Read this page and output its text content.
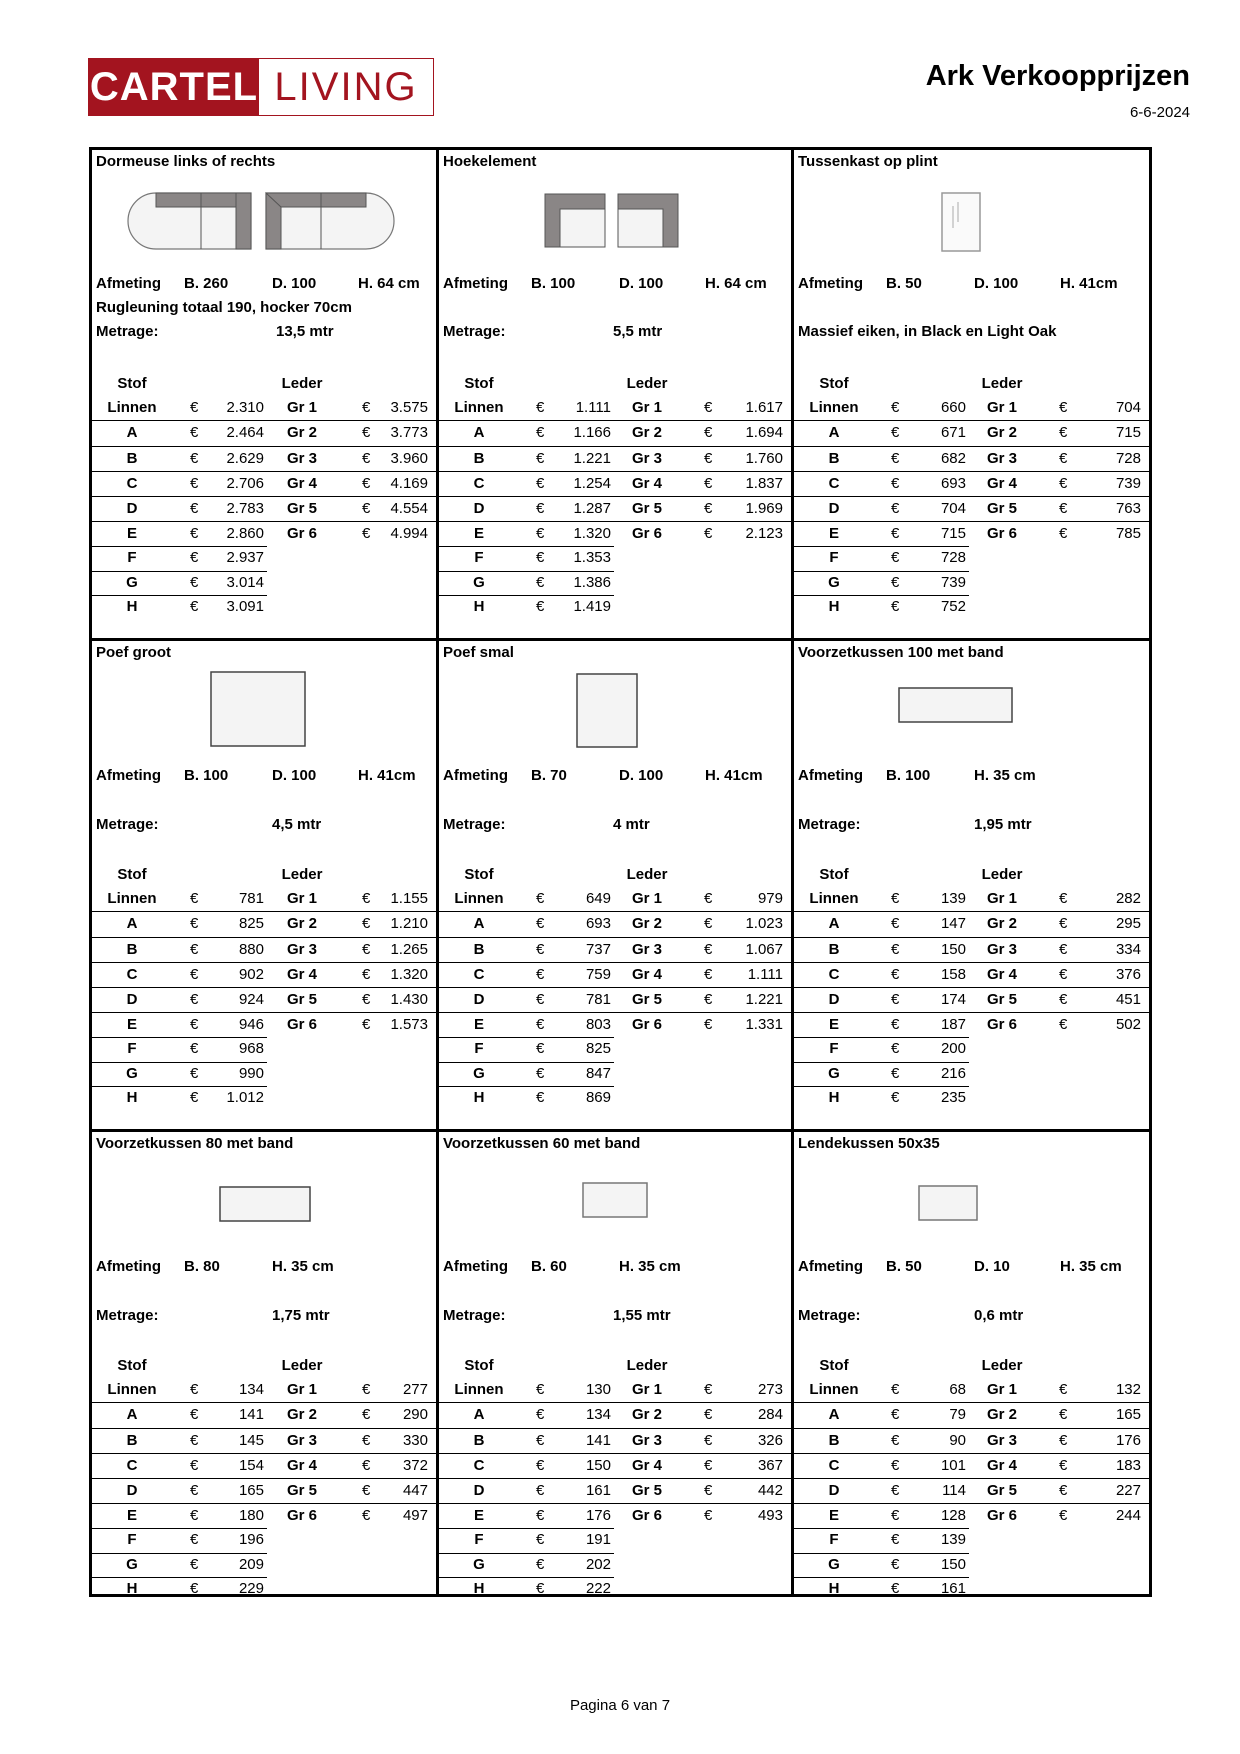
CARTEL LIVING	Ark Verkoopprijzen
6-6-2024
Dormeuse links of rechts
Afmeting B. 260	D. 100	H. 64 cm
Rugleuning totaal 190, hocker 70cm
Metrage:	13,5 mtr
Stof	Leder
Linnen	€ 2.310	Gr 1	€ 3.575
A	€ 2.464	Gr 2	€ 3.773
B	€ 2.629	Gr 3	€ 3.960
C	€ 2.706	Gr 4	€ 4.169
D	€ 2.783	Gr 5	€ 4.554
E	€ 2.860	Gr 6	€ 4.994
F	€ 2.937
G	€ 3.014
H	€ 3.091
Hoekelement
Afmeting B. 100	D. 100	H. 64 cm
Metrage:	5,5 mtr
Stof	Leder
Linnen	€ 1.111	Gr 1	€ 1.617
A	€ 1.166	Gr 2	€ 1.694
B	€ 1.221	Gr 3	€ 1.760
C	€ 1.254	Gr 4	€ 1.837
D	€ 1.287	Gr 5	€ 1.969
E	€ 1.320	Gr 6	€ 2.123
F	€ 1.353
G	€ 1.386
H	€ 1.419
Tussenkast op plint
Afmeting B. 50	D. 100	H. 41cm
Massief eiken, in Black en Light Oak
Stof	Leder
Linnen	€	660	Gr 1	€	704
A	€	671	Gr 2	€	715
B	€	682	Gr 3	€	728
C	€	693	Gr 4	€	739
D	€	704	Gr 5	€	763
E	€	715	Gr 6	€	785
F	€	728
G	€	739
H	€	752
Poef groot
Afmeting B. 100	D. 100	H. 41cm
Metrage:	4,5 mtr
Stof	Leder
Linnen	€	781	Gr 1	€ 1.155
A	€	825	Gr 2	€ 1.210
B	€	880	Gr 3	€ 1.265
C	€	902	Gr 4	€ 1.320
D	€	924	Gr 5	€ 1.430
E	€	946	Gr 6	€ 1.573
F	€	968
G	€	990
H	€ 1.012
Poef smal
Afmeting B. 70	D. 100	H. 41cm
Metrage:	4 mtr
Stof	Leder
Linnen	€	649	Gr 1	€	979
A	€	693	Gr 2	€ 1.023
B	€	737	Gr 3	€ 1.067
C	€	759	Gr 4	€ 1.111
D	€	781	Gr 5	€ 1.221
E	€	803	Gr 6	€ 1.331
F	€	825
G	€	847
H	€	869
Voorzetkussen 100 met band
Afmeting B. 100	H. 35 cm
Metrage:	1,95 mtr
Stof	Leder
Linnen	€	139	Gr 1	€	282
A	€	147	Gr 2	€	295
B	€	150	Gr 3	€	334
C	€	158	Gr 4	€	376
D	€	174	Gr 5	€	451
E	€	187	Gr 6	€	502
F	€	200
G	€	216
H	€	235
Voorzetkussen 80 met band
Afmeting B. 80	H. 35 cm
Metrage:	1,75 mtr
Stof	Leder
Linnen	€	134	Gr 1	€ 277
A	€	141	Gr 2	€ 290
B	€	145	Gr 3	€ 330
C	€	154	Gr 4	€ 372
D	€	165	Gr 5	€ 447
E	€	180	Gr 6	€ 497
F	€	196
G	€	209
H	€	229
Voorzetkussen 60 met band
Afmeting B. 60	H. 35 cm
Metrage:	1,55 mtr
Stof	Leder
Linnen	€	130	Gr 1	€	273
A	€	134	Gr 2	€	284
B	€	141	Gr 3	€	326
C	€	150	Gr 4	€	367
D	€	161	Gr 5	€	442
E	€	176	Gr 6	€	493
F	€	191
G	€	202
H	€	222
Lendekussen 50x35
Afmeting B. 50	D. 10	H. 35 cm
Metrage:	0,6 mtr
Stof	Leder
Linnen	€	68	Gr 1	€	132
A	€	79	Gr 2	€	165
B	€	90	Gr 3	€	176
C	€	101	Gr 4	€	183
D	€	114	Gr 5	€	227
E	€	128	Gr 6	€	244
F	€	139
G	€	150
H	€	161
Pagina 6 van 7
